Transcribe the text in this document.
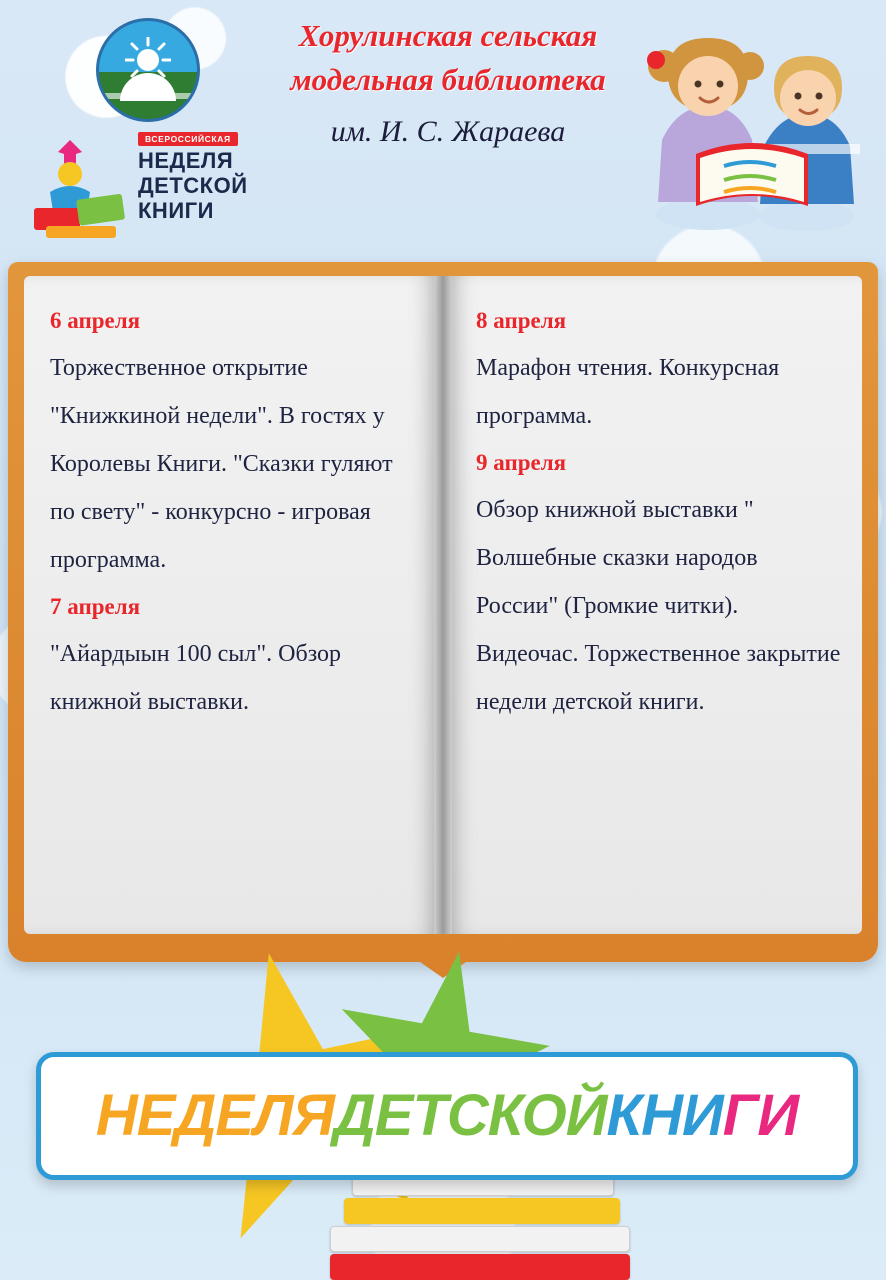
Хорулинская сельская
модельная библиотека
им. И. С. Жараева
ВСЕРОССИЙСКАЯ
НЕДЕЛЯ
ДЕТСКОЙ
КНИГИ
6 апреля
Торжественное открытие "Книжкиной недели". В гостях у Королевы Книги. "Сказки гуляют по свету" - конкурсно - игровая программа.
7 апреля
"Айардыын 100 сыл". Обзор книжной выставки.
8 апреля
Марафон чтения. Конкурсная программа.
9 апреля
Обзор книжной выставки " Волшебные сказки народов России" (Громкие читки). Видеочас. Торжественное закрытие недели детской книги.
НЕДЕЛЯДЕТСКОЙКНИГИ
